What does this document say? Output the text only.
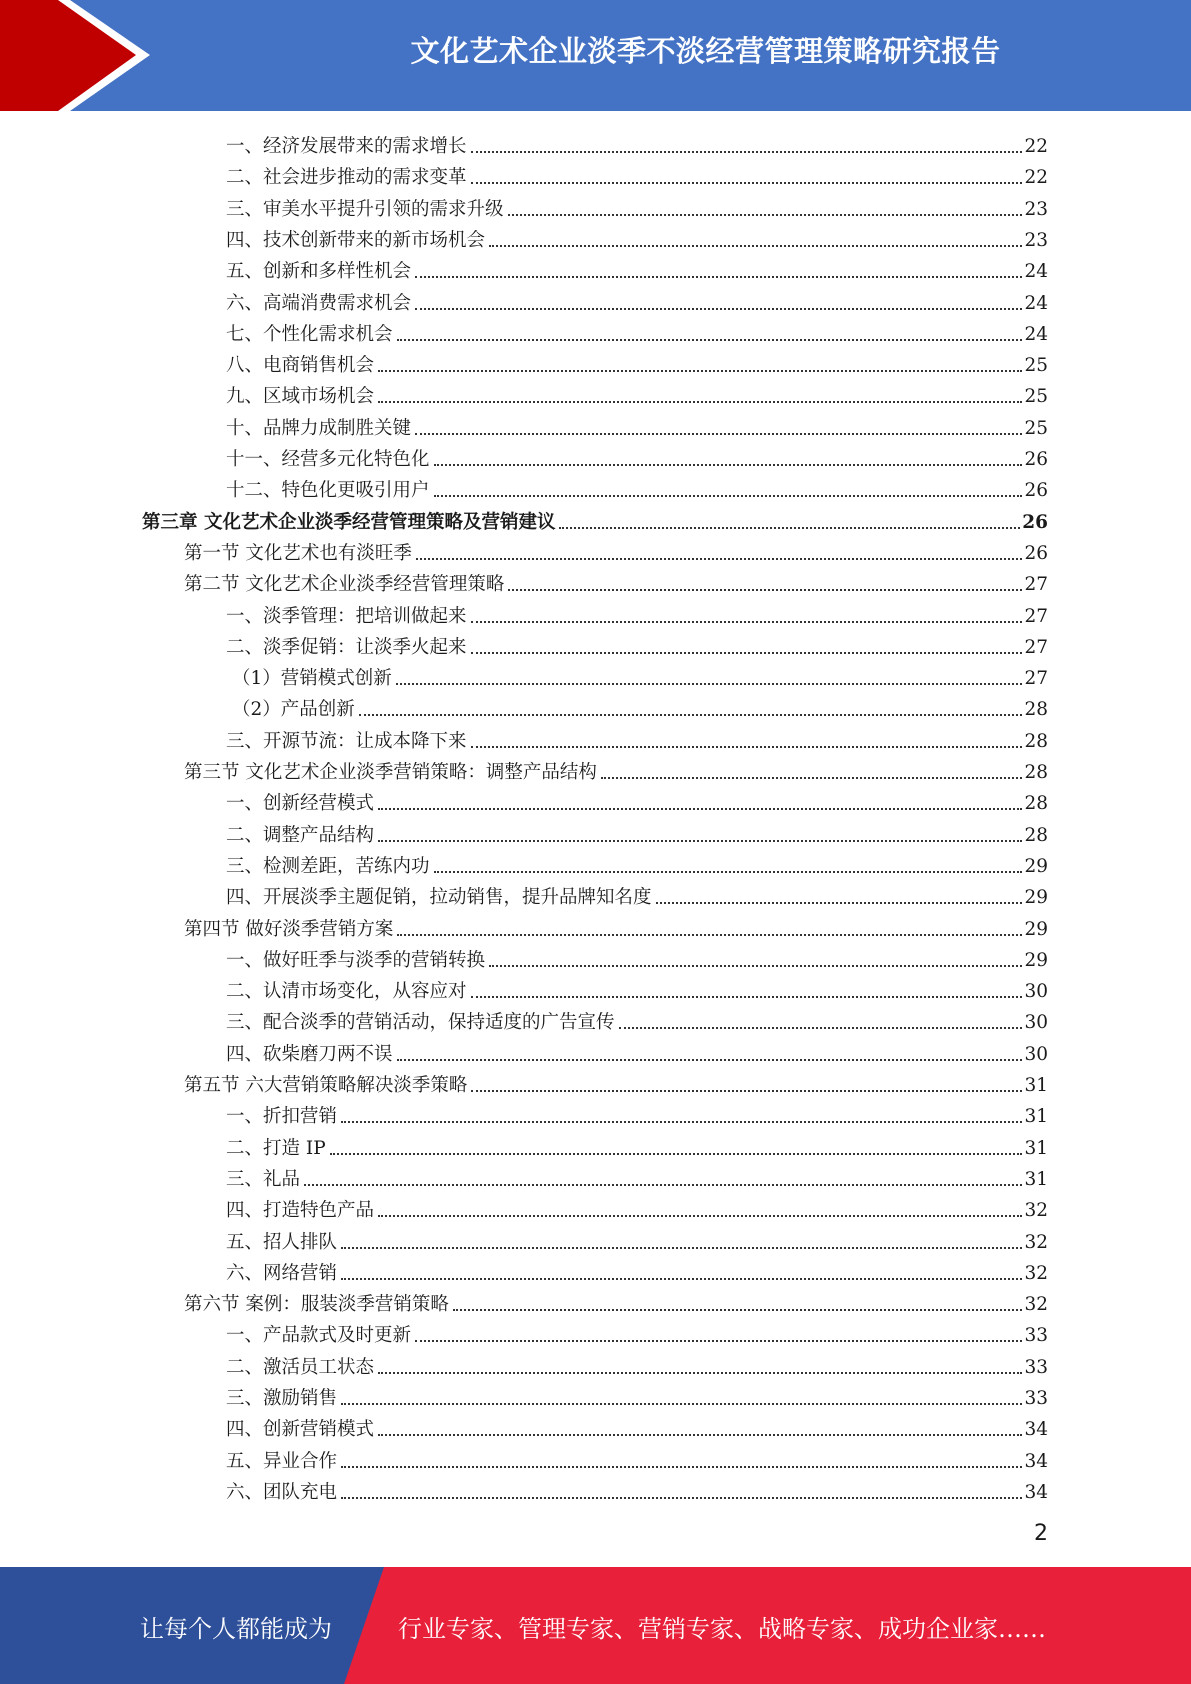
文化艺术企业淡季不淡经营管理策略研究报告
一、经济发展带来的需求增长	22
二、社会进步推动的需求变革	22
三、审美水平提升引领的需求升级	23
四、技术创新带来的新市场机会	23
五、创新和多样性机会	24
六、高端消费需求机会	24
七、个性化需求机会	24
八、电商销售机会	25
九、区域市场机会	25
十、品牌力成制胜关键	25
十一、经营多元化特色化	26
十二、特色化更吸引用户	26
第三章 文化艺术企业淡季经营管理策略及营销建议	26
第一节 文化艺术也有淡旺季	26
第二节 文化艺术企业淡季经营管理策略	27
一、淡季管理：把培训做起来	27
二、淡季促销：让淡季火起来	27
（1）营销模式创新	27
（2）产品创新	28
三、开源节流：让成本降下来	28
第三节 文化艺术企业淡季营销策略：调整产品结构	28
一、创新经营模式	28
二、调整产品结构	28
三、检测差距，苦练内功	29
四、开展淡季主题促销，拉动销售，提升品牌知名度	29
第四节 做好淡季营销方案	29
一、做好旺季与淡季的营销转换	29
二、认清市场变化，从容应对	30
三、配合淡季的营销活动，保持适度的广告宣传	30
四、砍柴磨刀两不误	30
第五节 六大营销策略解决淡季策略	31
一、折扣营销	31
二、打造 IP	31
三、礼品	31
四、打造特色产品	32
五、招人排队	32
六、网络营销	32
第六节 案例：服装淡季营销策略	32
一、产品款式及时更新	33
二、激活员工状态	33
三、激励销售	33
四、创新营销模式	34
五、异业合作	34
六、团队充电	34
2
让每个人都能成为	行业专家、管理专家、营销专家、战略专家、成功企业家……
